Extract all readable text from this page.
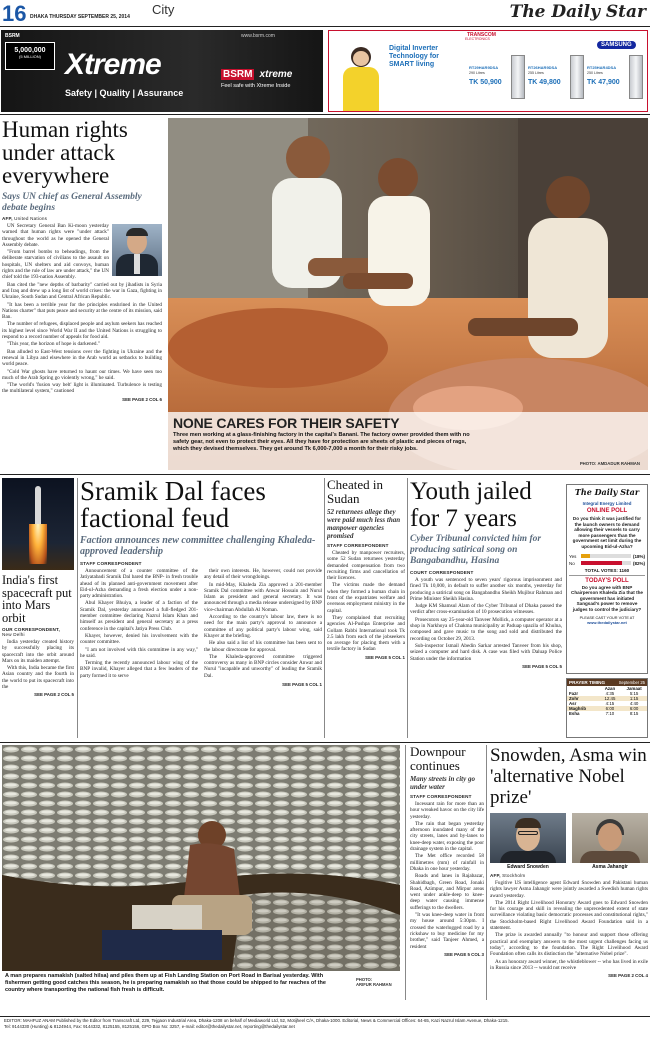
16 DHAKA THURSDAY SEPTEMBER 25, 2014 City	The Daily Star
BSRM
5,000,000
(5 MILLION) Xtreme
Safety | Quality | Assurance
www.bsrm.com
BSRM xtreme
Feel safe with Xtreme Inside
TRANSCOM
ELECTRONICS
Digital Inverter
Technology for
SMART living
SAMSUNG
RT29HAR9DSA
290 Litres
TK 50,900
RT26HAR9DSA
255 Litres
TK 49,800
RT25HAR4DSA
250 Litres
TK 47,900
Human rights under attack everywhere
Says UN chief as General Assembly debate begins
AFP, United Nations

UN Secretary General Ban Ki-moon yesterday warned that human rights were "under attack" throughout the world as he opened the General Assembly debate.

"From barrel bombs to beheadings, from the deliberate starvation of civilians to the assault on hospitals, UN shelters and aid convoys, human rights and the rule of law are under attack," the UN chief told the 193-nation Assembly.

Ban cited the "new depths of barbarity" carried out by jihadists in Syria and Iraq and drew up a long list of world crises: the war in Gaza, fighting in Ukraine, South Sudan and Central African Republic.

"It has been a terrible year for the principles enshrined in the United Nations charter" that puts peace and security at the centre of its mission, said Ban.

The number of refugees, displaced people and asylum seekers has reached its highest level since World War II and the United Nations is struggling to respond to a record number of appeals for food aid.

"This year, the horizon of hope is darkened."

Ban alluded to East-West tensions over the fighting in Ukraine and the renewal in Libya and elsewhere in the Arab world as setbacks to building world peace.

"Cold War ghosts have returned to haunt our times. We have seen too much of the Arab Spring go violently wrong," he said.

"The world's 'fusion way belt' light is illuminated. Turbulence is testing the multilateral system," cautioned

SEE PAGE 2 COL 6
NONE CARES FOR THEIR SAFETY
Three men working at a glass-finishing factory in the capital's Banani. The factory owner provided them with no safety gear, not even to protect their eyes. All they have for protection are sheets of plastic and pieces of rags, which they devised themselves. They get around Tk 6,000-7,000 a month for their risky jobs.
PHOTO: AMDADUR RAHMAN
India's first spacecraft put into Mars orbit
OUR CORRESPONDENT,
New Delhi

India yesterday created history by successfully placing its spacecraft into the orbit around Mars on its maiden attempt.

With this, India became the first Asian country and the fourth in the world to put its spacecraft into the

SEE PAGE 2 COL 5
Sramik Dal faces factional feud
Faction announces new committee challenging Khaleda-approved leadership
STAFF CORRESPONDENT

Announcement of a counter committee of the Jatiyatabadi Sramik Dal bared the BNP- in fresh trouble ahead of its planned anti-government movement after Eid-ul-Azha demanding a fresh election under a non-party administration.

Abul Khayer Bhuiya, a leader of a faction of the Sramik Dal, yesterday announced a full-fledged 201-member committee declaring Nazrul Islam Khan and himself as president and general secretary at a press conference in the capital's Jatiya Press Club.

Khayer, however, denied his involvement with the counter committee.

"I am not involved with this committee in any way," he said.

Terming the recently announced labour wing of the BNP invalid, Khayer alleged that a few leaders of the party formed it to serve

their own interests. He, however, could not provide any detail of their wrongdoings.

In mid-May, Khaleda Zia approved a 201-member Sramik Dal committee with Anwar Hossain and Nurul Islam as president and general secretary. It was announced through a media release undersigned by BNP vice-chairman Abdullah Al Noman.

According to the country's labour law, there is no need for the main party's approval to announce a committee of any political party's labour wing, said Khayer at the briefing.

He also said a list of his committee has been sent to the labour directorate for approval.

The Khaleda-approved committee triggered controversy as many in BNP circles consider Anwar and Nurul "incapable and unworthy" of leading the Sramik Dal.

SEE PAGE 5 COL 1
Cheated in Sudan
52 returnees allege they were paid much less than manpower agencies promised
STAFF CORRESPONDENT

Cheated by manpower recruiters, some 52 Sudan returnees yesterday demanded compensation from two recruiting firms and cancellation of their licences.

The victims made the demand when they formed a human chain in front of the expatriates welfare and overseas employment ministry in the capital.

They complained that recruiting agencies Al-Pushpa Enterprise and Gollam Rabbi International took Tk 2.5 lakh from each of the jobseekers on average for placing them with a textile factory in Sudan

SEE PAGE 5 COL 1
Youth jailed for 7 years
Cyber Tribunal convicted him for producing satirical song on Bangabandhu, Hasina
COURT CORRESPONDENT

A youth was sentenced to seven years' rigorous imprisonment and fined Tk 10,000, in default to suffer another six months, yesterday for producing a satirical song on Bangabandhu Sheikh Mujibur Rahman and Prime Minister Sheikh Hasina.

Judge KM Shamsul Alam of the Cyber Tribunal of Dhaka passed the verdict after cross-examination of 10 prosecution witnesses.

Prosecutors say 25-year-old Tanveer Mollick, a computer operator at a shop in Narkhoya of Chakma municipality at Paduap upazila of Khulna, composed and gave music to the song and sold and distributed the recording on October 29, 2013.

Sub-inspector Ismail Abedin Sarkar arrested Tanveer from his shop, seized a computer and hard disk. A case was filed with Daluap Police Station under the information

SEE PAGE 5 COL 5
The Daily Star
Integral Energy Limited
ONLINE POLL
Do you think it was justified for the launch owners to demand allowing their vessels to carry more passengers than the government set limit during the upcoming Eid-ul-Azha?
Yes	(18%)
No	(82%)
TOTAL VOTES: 1160
TODAY'S POLL
Do you agree with BNP Chairperson Khaleda Zia that the government has initiated Sangsad's power to remove judges to control the judiciary?
PLEASE CAST YOUR VOTE AT
www.thedailystar.net
PRAYER TIMING	September 25
	Azan	Jamaat
Fazr	4:35	5:15
Zohr	12:45	1:15
Asr	4:15	4:40
Maghrib	6:00	6:00
Esha	7:10	8:15
A man prepares namakish (salted hilsa) and piles them up at Fish Landing Station on Port Road in Barisal yesterday. With fishermen getting good catches this season, he is preparing namakish so that those could be shipped to far reaches of the country where transporting the national fish fresh is difficult.
PHOTO:
ARIFUR RAHMAN
Downpour continues
Many streets in city go under water
STAFF CORRESPONDENT

Incessant rain for more than an hour wreaked havoc on the city life yesterday.

The rain that began yesterday afternoon inundated many of the city streets, lanes and by-lanes to knee-deep water, exposing the poor drainage system in the capital.

The Met office recorded 58 millimetres (mm) of rainfall in Dhaka in one hour yesterday.

Roads and lanes in Rajabazar, Shahidbagh, Green Road, Jonaki Road, Azimpur, and Mirpur areas went under ankle-deep to knee-deep water causing immense sufferings to the dwellers.

"It was knee-deep water in front my house around 5:30pm. I crossed the waterlogged road by a rickshaw to buy medicine for my brother," said Tanjeer Ahmed, a resident

SEE PAGE 5 COL 3
Snowden, Asma win 'alternative Nobel prize'
Edward Snowden	Asma Jahangir
AFP, Stockholm

Fugitive US intelligence agent Edward Snowden and Pakistani human rights lawyer Asma Jahangir were jointly awarded a Swedish human rights award yesterday.

The 2014 Right Livelihood Honorary Award goes to Edward Snowden for his courage and skill in revealing the unprecedented extent of state surveillance violating basic democratic processes and constitutional rights," the Stockholm-based Right Livelihood Award Foundation said in a statement.

The prize is awarded annually "to honour and support those offering practical and exemplary answers to the most urgent challenges facing us today", according to the foundation. The Right Livelihood Award Foundation often calls its distinction the "alternative Nobel prize".

As an honorary award winner, the whistleblower -- who has lived in exile in Russia since 2013 -- would not receive

SEE PAGE 2 COL 4
EDITOR: MAHFUZ ANAM Published by the Editor from Transcraft Ltd, 229, Tejgaon Industrial Area, Dhaka-1208 on behalf of Mediaworld Ltd, 52, Motijheel C/A, Dhaka-1000. Editorial, News & Commercial Offices: 64-65, Kazi Nazrul Islam Avenue, Dhaka-1215.
Tel: 9144330 (Hunting) & 8124944, Fax: 9144332, 8125155, 8125156, GPO Box No: 3257, e-mail: editor@thedailystar.net, reporting@thedailystar.net
